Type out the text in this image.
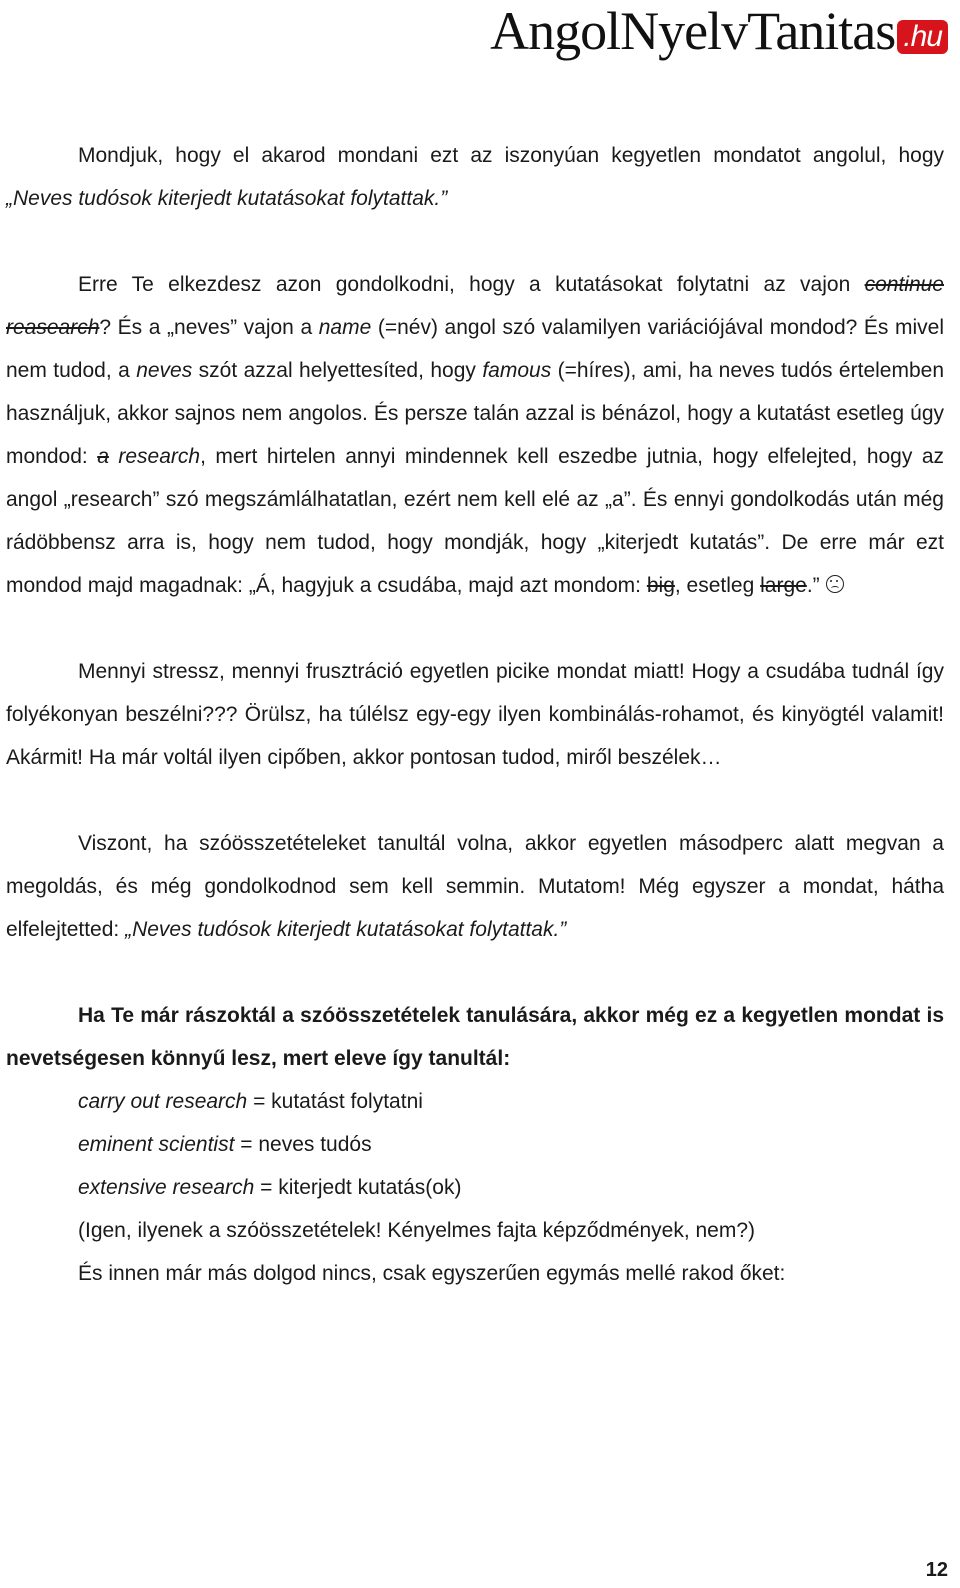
AngolNyelvTanitas .hu

Mondjuk, hogy el akarod mondani ezt az iszonyúan kegyetlen mondatot angolul, hogy „Neves tudósok kiterjedt kutatásokat folytattak.”

Erre Te elkezdesz azon gondolkodni, hogy a kutatásokat folytatni az vajon continue reasearch? És a „neves” vajon a name (=név) angol szó valamilyen variációjával mondod? És mivel nem tudod, a neves szót azzal helyettesíted, hogy famous (=híres), ami, ha neves tudós értelemben használjuk, akkor sajnos nem angolos. És persze talán azzal is bénázol, hogy a kutatást esetleg úgy mondod: a research, mert hirtelen annyi mindennek kell eszedbe jutnia, hogy elfelejted, hogy az angol „research” szó megszámlálhatatlan, ezért nem kell elé az „a”. És ennyi gondolkodás után még rádöbbensz arra is, hogy nem tudod, hogy mondják, hogy „kiterjedt kutatás”. De erre már ezt mondod majd magadnak: „Á, hagyjuk a csudába, majd azt mondom: big, esetleg large.”

Mennyi stressz, mennyi frusztráció egyetlen picike mondat miatt! Hogy a csudába tudnál így folyékonyan beszélni??? Örülsz, ha túlélsz egy-egy ilyen kombinálás-rohamot, és kinyögtél valamit! Akármit! Ha már voltál ilyen cipőben, akkor pontosan tudod, miről beszélek…

Viszont, ha szóösszetételeket tanultál volna, akkor egyetlen másodperc alatt megvan a megoldás, és még gondolkodnod sem kell semmin. Mutatom! Még egyszer a mondat, hátha elfelejtetted: „Neves tudósok kiterjedt kutatásokat folytattak.”

Ha Te már rászoktál a szóösszetételek tanulására, akkor még ez a kegyetlen mondat is nevetségesen könnyű lesz, mert eleve így tanultál:

carry out research = kutatást folytatni

eminent scientist = neves tudós

extensive research = kiterjedt kutatás(ok)

(Igen, ilyenek a szóösszetételek! Kényelmes fajta képződmények, nem?)

És innen már más dolgod nincs, csak egyszerűen egymás mellé rakod őket:

12
